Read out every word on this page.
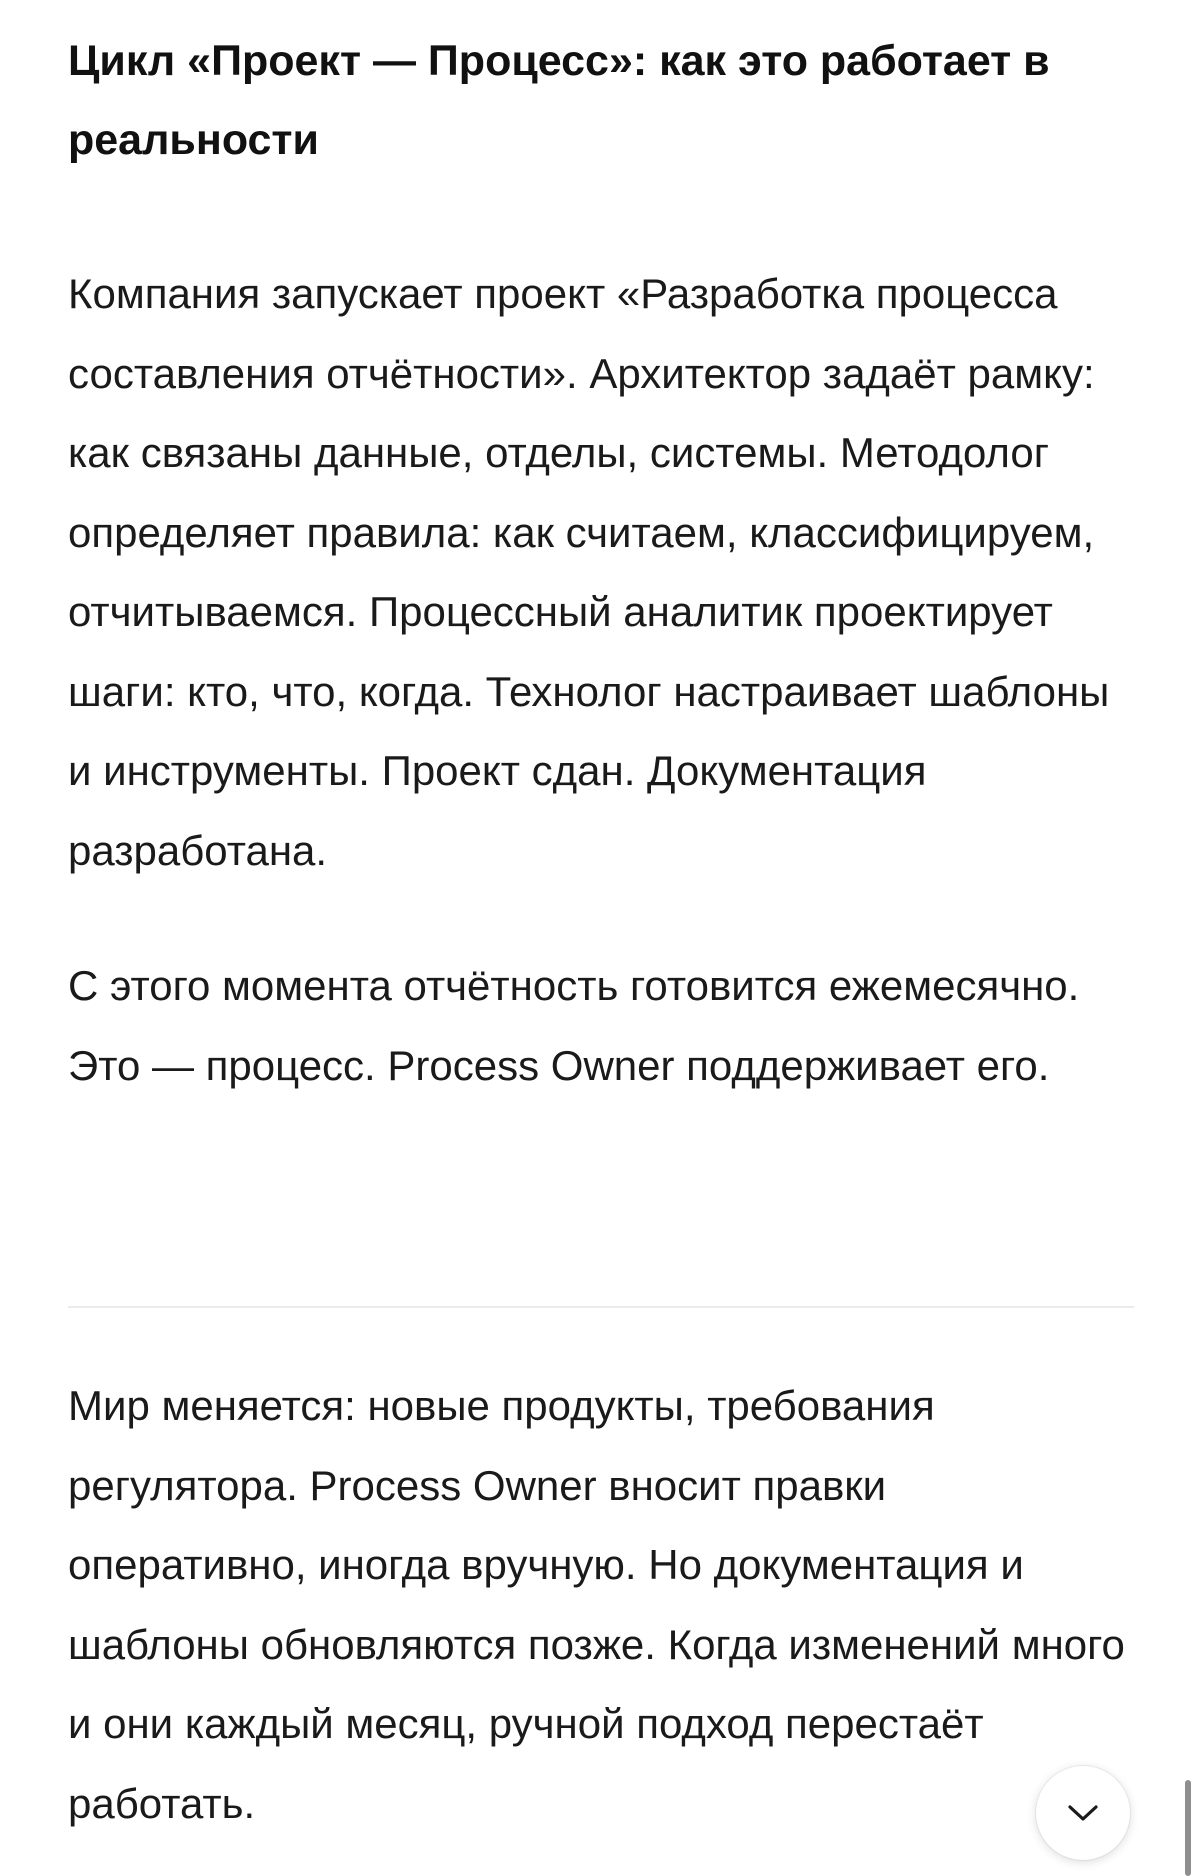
Цикл «Проект — Процесс»: как это работает в реальности

Компания запускает проект «Разработка процесса составления отчётности». Архитектор задаёт рамку: как связаны данные, отделы, системы. Методолог определяет правила: как считаем, классифицируем, отчитываемся. Процессный аналитик проектирует шаги: кто, что, когда. Технолог настраивает шаблоны и инструменты. Проект сдан. Документация разработана.

С этого момента отчётность готовится ежемесячно. Это — процесс. Process Owner поддерживает его.

Мир меняется: новые продукты, требования регулятора. Process Owner вносит правки оперативно, иногда вручную. Но документация и шаблоны обновляются позже. Когда изменений много и они каждый месяц, ручной подход перестаёт работать.
